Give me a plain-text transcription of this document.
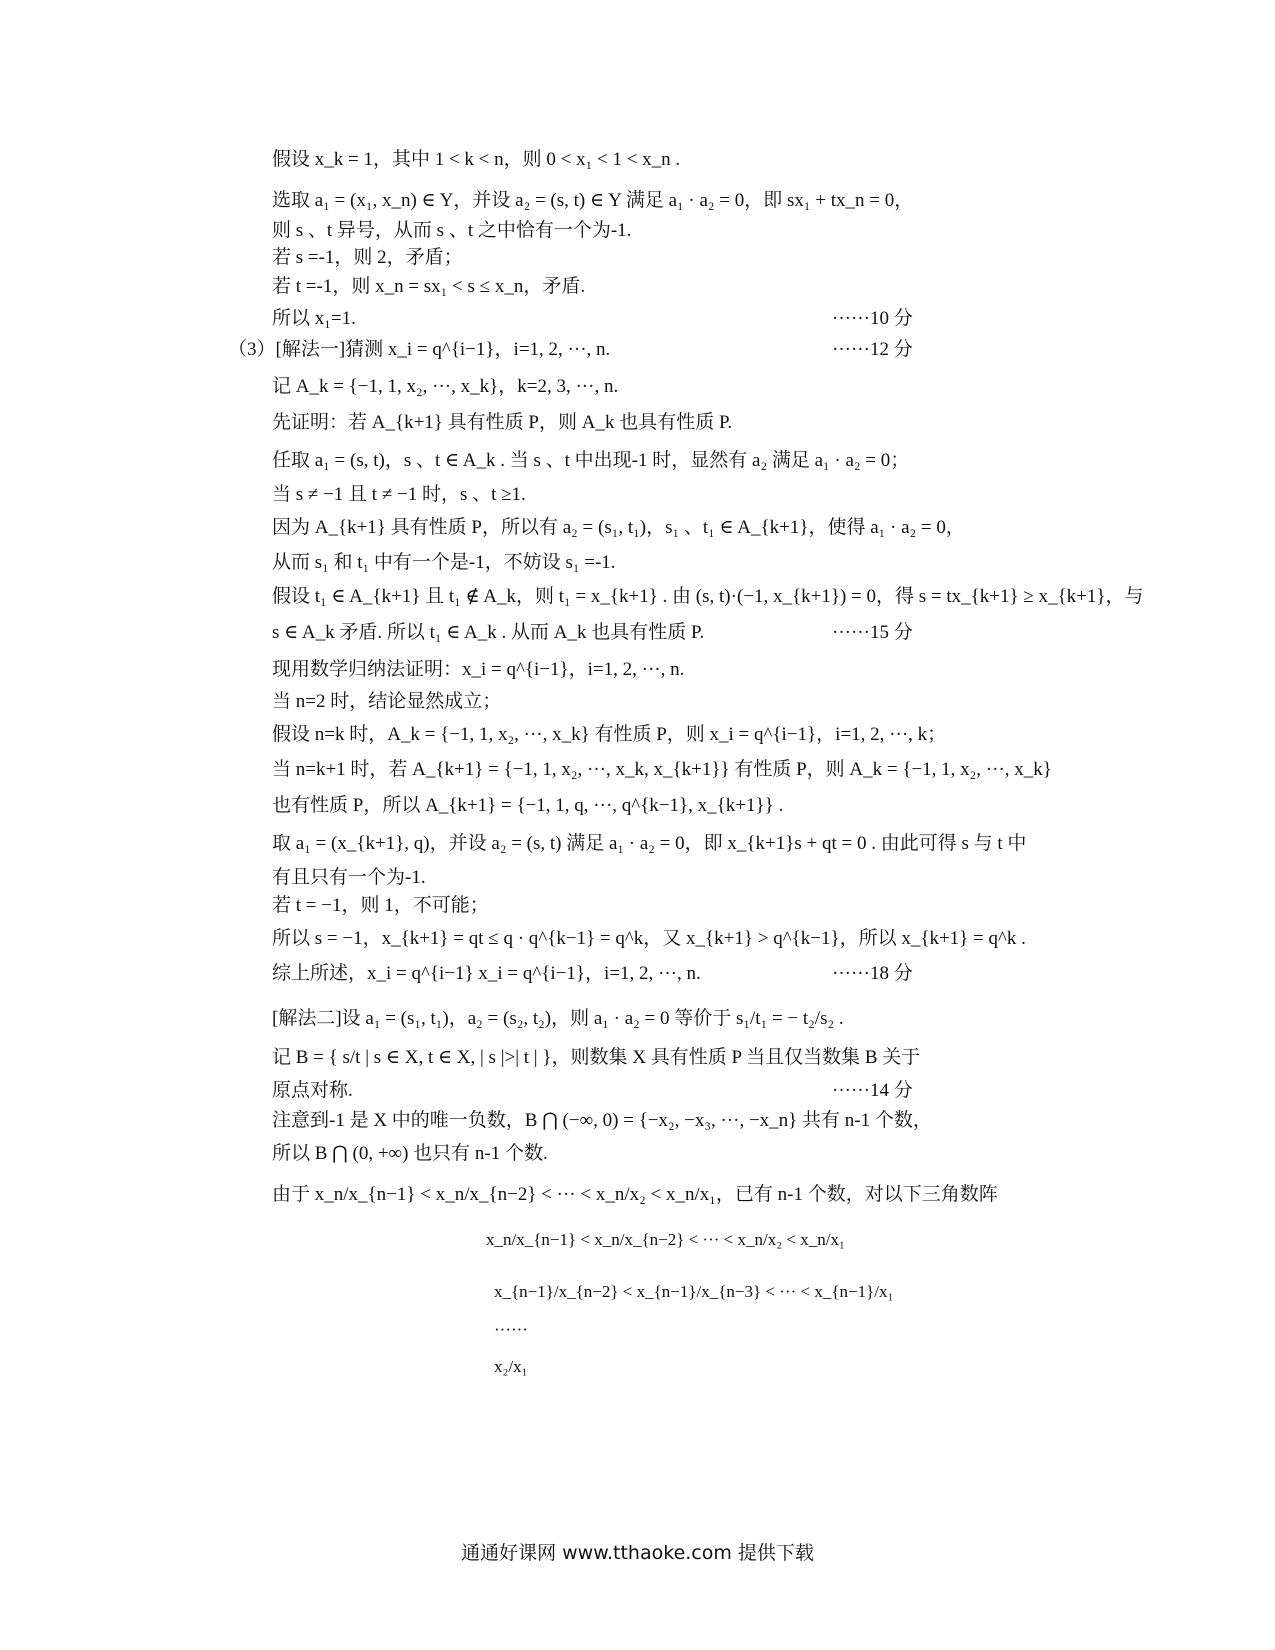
假设 x_k = 1，其中 1 < k < n，则 0 < x₁ < 1 < x_n .
选取 a₁ = (x₁, x_n) ∈ Y，并设 a₂ = (s, t) ∈ Y 满足 a₁ · a₂ = 0，即 sx₁ + tx_n = 0，
则 s 、t 异号，从而 s 、t 之中恰有一个为-1.
若 s =-1，则 2，矛盾；
若 t =-1，则 x_n = sx₁ < s ≤ x_n，矛盾.
所以 x₁=1.	······10 分
（3）[解法一]猜测 x_i = q^{i−1}，i=1, 2, ···, n.	······12 分
记 A_k = {−1, 1, x₂, ···, x_k}，k=2, 3, ···, n.
先证明：若 A_{k+1} 具有性质 P，则 A_k 也具有性质 P.
任取 a₁ = (s, t)，s 、t ∈ A_k . 当 s 、t 中出现-1 时，显然有 a₂ 满足 a₁ · a₂ = 0；
当 s ≠ −1 且 t ≠ −1 时，s 、t ≥1.
因为 A_{k+1} 具有性质 P，所以有 a₂ = (s₁, t₁)，s₁ 、t₁ ∈ A_{k+1}，使得 a₁ · a₂ = 0，
从而 s₁ 和 t₁ 中有一个是-1，不妨设 s₁ =-1.
假设 t₁ ∈ A_{k+1} 且 t₁ ∉ A_k，则 t₁ = x_{k+1} . 由 (s, t)·(−1, x_{k+1}) = 0，得 s = tx_{k+1} ≥ x_{k+1}，与
s ∈ A_k 矛盾. 所以 t₁ ∈ A_k . 从而 A_k 也具有性质 P.	······15 分
现用数学归纳法证明：x_i = q^{i−1}，i=1, 2, ···, n.
当 n=2 时，结论显然成立；
假设 n=k 时，A_k = {−1, 1, x₂, ···, x_k} 有性质 P，则 x_i = q^{i−1}，i=1, 2, ···, k；
当 n=k+1 时，若 A_{k+1} = {−1, 1, x₂, ···, x_k, x_{k+1}} 有性质 P，则 A_k = {−1, 1, x₂, ···, x_k}
也有性质 P，所以 A_{k+1} = {−1, 1, q, ···, q^{k−1}, x_{k+1}} .
取 a₁ = (x_{k+1}, q)，并设 a₂ = (s, t) 满足 a₁ · a₂ = 0，即 x_{k+1}s + qt = 0 . 由此可得 s 与 t 中
有且只有一个为-1.
若 t = −1，则 1，不可能；
所以 s = −1，x_{k+1} = qt ≤ q · q^{k−1} = q^k，又 x_{k+1} > q^{k−1}，所以 x_{k+1} = q^k .
综上所述，x_i = q^{i−1} x_i = q^{i−1}，i=1, 2, ···, n.	······18 分
[解法二]设 a₁ = (s₁, t₁)，a₂ = (s₂, t₂)，则 a₁ · a₂ = 0 等价于 s₁/t₁ = − t₂/s₂ .
记 B = { s/t | s ∈ X, t ∈ X, | s |>| t | }，则数集 X 具有性质 P 当且仅当数集 B 关于
原点对称.	······14 分
注意到-1 是 X 中的唯一负数，B ⋂ (−∞, 0) = {−x₂, −x₃, ···, −x_n} 共有 n-1 个数，
所以 B ⋂ (0, +∞) 也只有 n-1 个数.
由于 x_n/x_{n−1} < x_n/x_{n−2} < ··· < x_n/x₂ < x_n/x₁，已有 n-1 个数，对以下三角数阵
x_n/x_{n−1} < x_n/x_{n−2} < ··· < x_n/x₂ < x_n/x₁
x_{n−1}/x_{n−2} < x_{n−1}/x_{n−3} < ··· < x_{n−1}/x₁
······
x₂/x₁
通通好课网 www.tthaoke.com 提供下载
